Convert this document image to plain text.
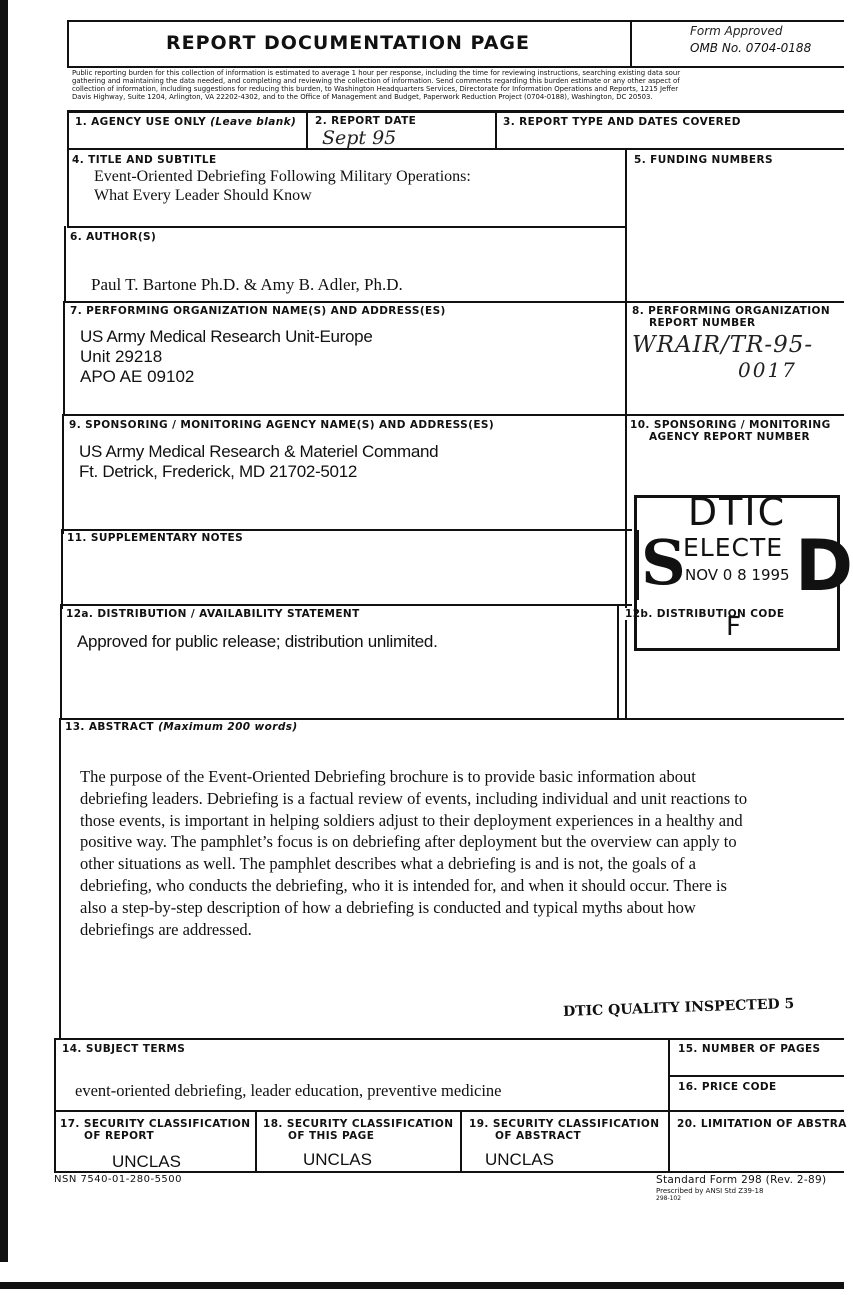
REPORT DOCUMENTATION PAGE
Form Approved
OMB No. 0704-0188
Public reporting burden for this collection of information is estimated to average 1 hour per response, including the time for reviewing instructions, searching existing data sour
gathering and maintaining the data needed, and completing and reviewing the collection of information. Send comments regarding this burden estimate or any other aspect of
collection of information, including suggestions for reducing this burden, to Washington Headquarters Services, Directorate for Information Operations and Reports, 1215 Jeffer
Davis Highway, Suite 1204, Arlington, VA 22202-4302, and to the Office of Management and Budget, Paperwork Reduction Project (0704-0188), Washington, DC 20503.
1. AGENCY USE ONLY (Leave blank) 2. REPORT DATE
Sept 95
3. REPORT TYPE AND DATES COVERED
4. TITLE AND SUBTITLE
Event-Oriented Debriefing Following Military Operations:
What Every Leader Should Know
5. FUNDING NUMBERS
6. AUTHOR(S)
Paul T. Bartone Ph.D. & Amy B. Adler, Ph.D.
7. PERFORMING ORGANIZATION NAME(S) AND ADDRESS(ES)
US Army Medical Research Unit-Europe
Unit 29218
APO AE 09102
8. PERFORMING ORGANIZATION
REPORT NUMBER
WRAIR/TR-95-
0017
9. SPONSORING / MONITORING AGENCY NAME(S) AND ADDRESS(ES)
US Army Medical Research & Materiel Command
Ft. Detrick, Frederick, MD 21702-5012
10. SPONSORING / MONITORING
AGENCY REPORT NUMBER
11. SUPPLEMENTARY NOTES
12a. DISTRIBUTION / AVAILABILITY STATEMENT
Approved for public release; distribution unlimited.
12b. DISTRIBUTION CODE
F
DTIC
S
ELECTE
NOV 0 8 1995 D
13. ABSTRACT (Maximum 200 words)
The purpose of the Event-Oriented Debriefing brochure is to provide basic information about
debriefing leaders. Debriefing is a factual review of events, including individual and unit reactions to
those events, is important in helping soldiers adjust to their deployment experiences in a healthy and
positive way. The pamphlet’s focus is on debriefing after deployment but the overview can apply to
other situations as well. The pamphlet describes what a debriefing is and is not, the goals of a
debriefing, who conducts the debriefing, who it is intended for, and when it should occur. There is
also a step-by-step description of how a debriefing is conducted and typical myths about how
debriefings are addressed.
DTIC QUALITY INSPECTED 5
14. SUBJECT TERMS
event-oriented debriefing, leader education, preventive medicine
15. NUMBER OF PAGES
16. PRICE CODE
17. SECURITY CLASSIFICATION
OF REPORT
UNCLAS
18. SECURITY CLASSIFICATION
OF THIS PAGE
UNCLAS
19. SECURITY CLASSIFICATION
OF ABSTRACT
UNCLAS
20. LIMITATION OF ABSTRA
NSN 7540-01-280-5500	Standard Form 298 (Rev. 2-89)
Prescribed by ANSI Std Z39-18
298-102
